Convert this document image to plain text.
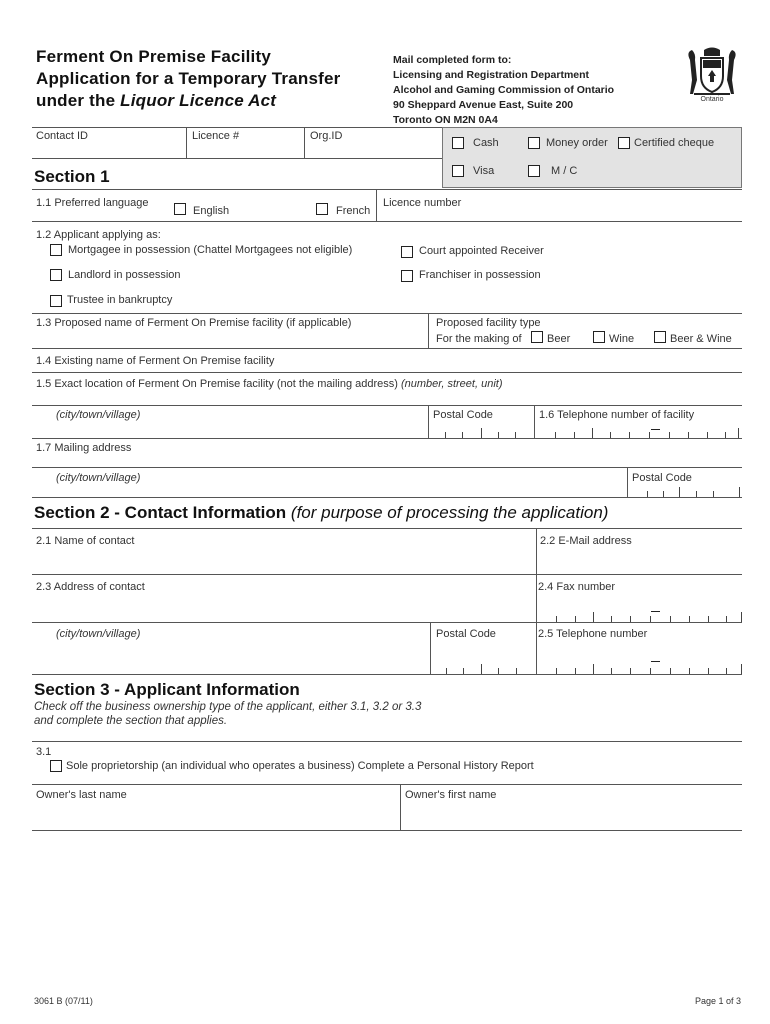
Ferment On Premise Facility
Application for a Temporary Transfer
under the Liquor Licence Act
Mail completed form to:
Licensing and Registration Department
Alcohol and Gaming Commission of Ontario
90 Sheppard Avenue East, Suite 200
Toronto ON M2N 0A4
Ontario
Contact ID	Licence #	Org.ID
Cash	Money order Certified cheque
Visa	M / C
Section 1
1.1 Preferred language
English	French
Licence number
1.2 Applicant applying as:
Mortgagee in possession (Chattel Mortgagees not eligible)	Court appointed Receiver
Landlord in possession	Franchiser in possession
Trustee in bankruptcy
1.3 Proposed name of Ferment On Premise facility (if applicable)	Proposed facility type
For the making of Beer	Wine	Beer & Wine
1.4 Existing name of Ferment On Premise facility
1.5 Exact location of Ferment On Premise facility (not the mailing address) (number, street, unit)
(city/town/village)	Postal Code	1.6 Telephone number of facility
1.7 Mailing address
(city/town/village)	Postal Code
Section 2 - Contact Information (for purpose of processing the application)
2.1 Name of contact	2.2 E-Mail address
2.3 Address of contact	2.4 Fax number
(city/town/village)	Postal Code	2.5 Telephone number
Section 3 - Applicant Information
Check off the business ownership type of the applicant, either 3.1, 3.2 or 3.3
and complete the section that applies.
3.1
Sole proprietorship (an individual who operates a business) Complete a Personal History Report
Owner's last name	Owner's first name
3061 B (07/11)	Page 1 of 3
